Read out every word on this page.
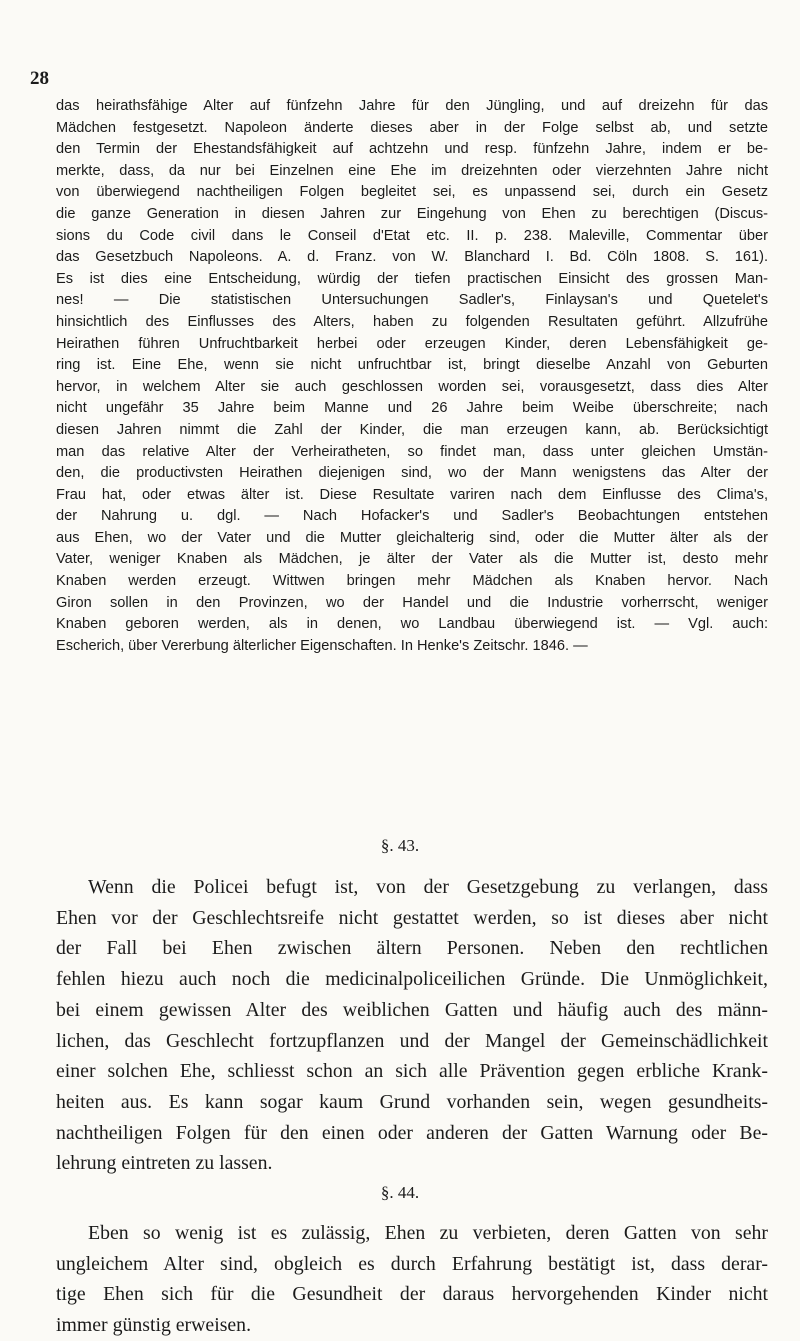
28

das heirathsfähige Alter auf fünfzehn Jahre für den Jüngling, und auf dreizehn für das
Mädchen festgesetzt. Napoleon änderte dieses aber in der Folge selbst ab, und setzte
den Termin der Ehestandsfähigkeit auf achtzehn und resp. fünfzehn Jahre, indem er be-
merkte, dass, da nur bei Einzelnen eine Ehe im dreizehnten oder vierzehnten Jahre nicht
von überwiegend nachtheiligen Folgen begleitet sei, es unpassend sei, durch ein Gesetz
die ganze Generation in diesen Jahren zur Eingehung von Ehen zu berechtigen (Discus-
sions du Code civil dans le Conseil d'Etat etc. II. p. 238. Maleville, Commentar über
das Gesetzbuch Napoleons. A. d. Franz. von W. Blanchard I. Bd. Cöln 1808. S. 161).
Es ist dies eine Entscheidung, würdig der tiefen practischen Einsicht des grossen Man-
nes! — Die statistischen Untersuchungen Sadler's, Finlaysan's und Quetelet's
hinsichtlich des Einflusses des Alters, haben zu folgenden Resultaten geführt. Allzufrühe
Heirathen führen Unfruchtbarkeit herbei oder erzeugen Kinder, deren Lebensfähigkeit ge-
ring ist. Eine Ehe, wenn sie nicht unfruchtbar ist, bringt dieselbe Anzahl von Geburten
hervor, in welchem Alter sie auch geschlossen worden sei, vorausgesetzt, dass dies Alter
nicht ungefähr 35 Jahre beim Manne und 26 Jahre beim Weibe überschreite; nach
diesen Jahren nimmt die Zahl der Kinder, die man erzeugen kann, ab. Berücksichtigt
man das relative Alter der Verheiratheten, so findet man, dass unter gleichen Umstän-
den, die productivsten Heirathen diejenigen sind, wo der Mann wenigstens das Alter der
Frau hat, oder etwas älter ist. Diese Resultate variren nach dem Einflusse des Clima's,
der Nahrung u. dgl. — Nach Hofacker's und Sadler's Beobachtungen entstehen
aus Ehen, wo der Vater und die Mutter gleichalterig sind, oder die Mutter älter als der
Vater, weniger Knaben als Mädchen, je älter der Vater als die Mutter ist, desto mehr
Knaben werden erzeugt. Wittwen bringen mehr Mädchen als Knaben hervor. Nach
Giron sollen in den Provinzen, wo der Handel und die Industrie vorherrscht, weniger
Knaben geboren werden, als in denen, wo Landbau überwiegend ist. — Vgl. auch:
Escherich, über Vererbung älterlicher Eigenschaften. In Henke's Zeitschr. 1846. —

§. 43.

Wenn die Policei befugt ist, von der Gesetzgebung zu verlangen, dass
Ehen vor der Geschlechtsreife nicht gestattet werden, so ist dieses aber nicht
der Fall bei Ehen zwischen ältern Personen. Neben den rechtlichen
fehlen hiezu auch noch die medicinalpoliceilichen Gründe. Die Unmöglichkeit,
bei einem gewissen Alter des weiblichen Gatten und häufig auch des männ-
lichen, das Geschlecht fortzupflanzen und der Mangel der Gemeinschädlichkeit
einer solchen Ehe, schliesst schon an sich alle Prävention gegen erbliche Krank-
heiten aus. Es kann sogar kaum Grund vorhanden sein, wegen gesundheits-
nachtheiligen Folgen für den einen oder anderen der Gatten Warnung oder Be-
lehrung eintreten zu lassen.

§. 44.

Eben so wenig ist es zulässig, Ehen zu verbieten, deren Gatten von sehr
ungleichem Alter sind, obgleich es durch Erfahrung bestätigt ist, dass derar-
tige Ehen sich für die Gesundheit der daraus hervorgehenden Kinder nicht
immer günstig erweisen.
